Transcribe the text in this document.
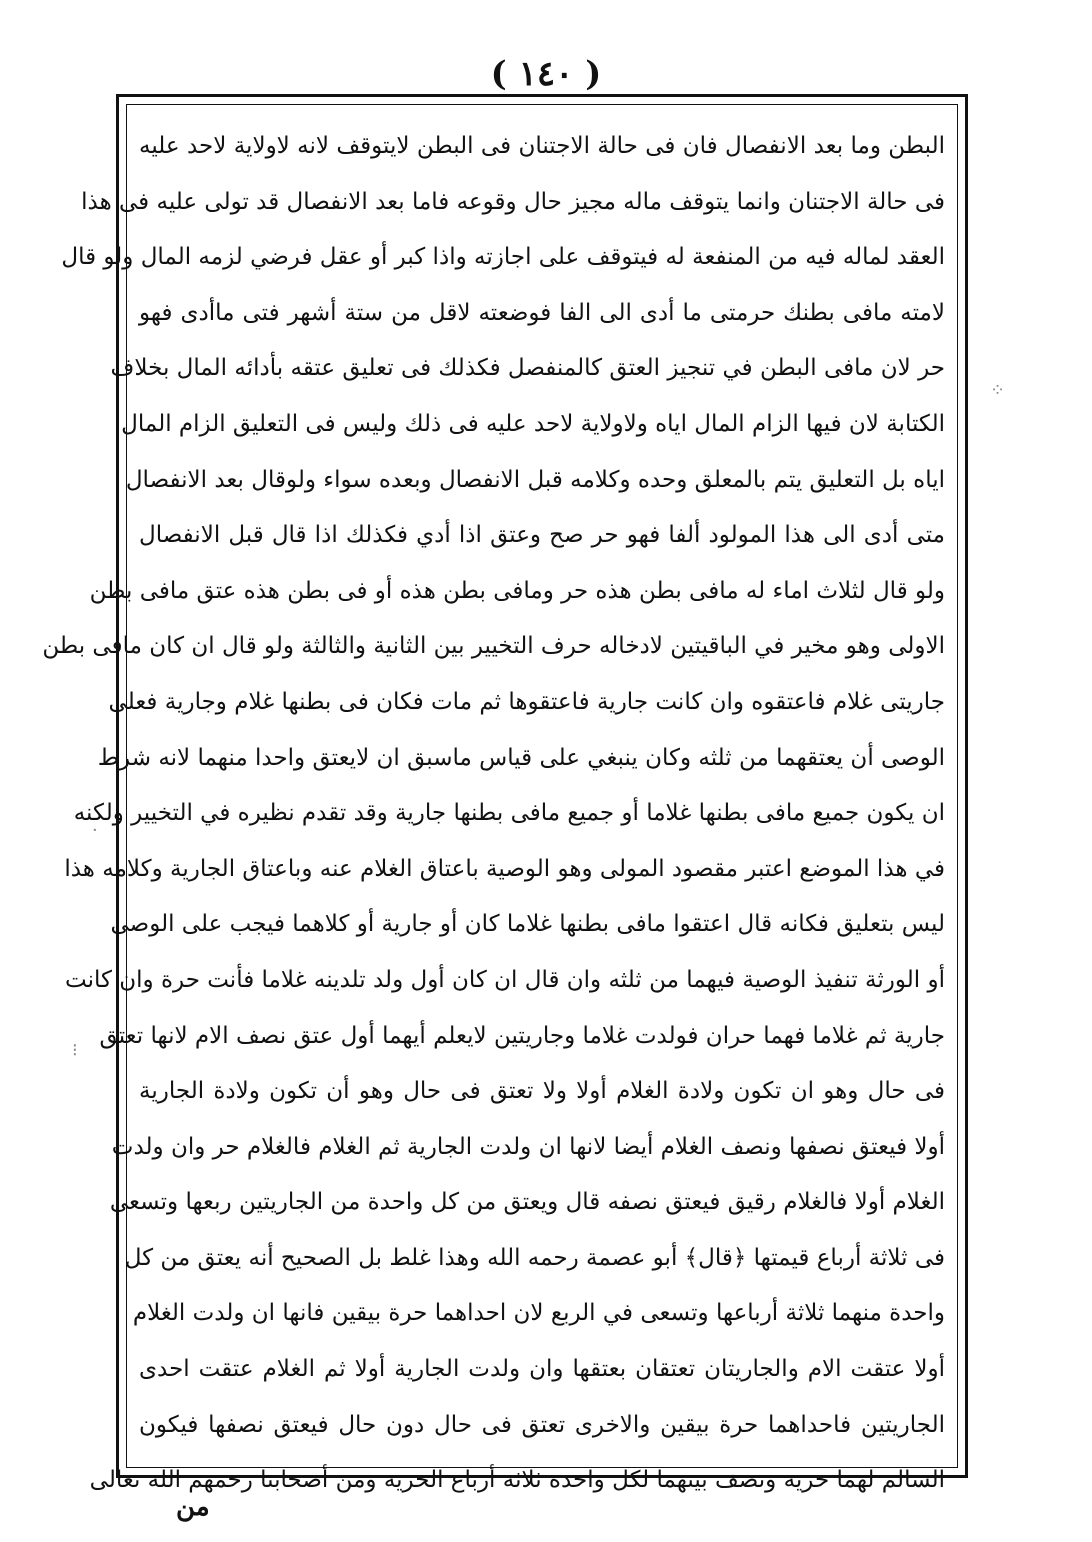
( ١٤٠ )

البطن وما بعد الانفصال فان فى حالة الاجتنان فى البطن لايتوقف لانه لاولاية لاحد عليه

فى حالة الاجتنان وانما يتوقف ماله مجيز حال وقوعه فاما بعد الانفصال قد تولى عليه فى هذا

العقد لماله فيه من المنفعة له فيتوقف على اجازته واذا كبر أو عقل فرضي لزمه المال ولو قال

لامته مافى بطنك حرمتى ما أدى الى الفا فوضعته لاقل من ستة أشهر فتى ماأدى فهو

حر لان مافى البطن في تنجيز العتق كالمنفصل فكذلك فى تعليق عتقه بأدائه المال بخلاف

الكتابة لان فيها الزام المال اياه ولاولاية لاحد عليه فى ذلك وليس فى التعليق الزام المال

اياه بل التعليق يتم بالمعلق وحده وكلامه قبل الانفصال وبعده سواء ولوقال بعد الانفصال

متى أدى الى هذا المولود ألفا فهو حر صح وعتق اذا أدي فكذلك اذا قال قبل الانفصال

ولو قال لثلاث اماء له مافى بطن هذه حر ومافى بطن هذه أو فى بطن هذه عتق مافى بطن

الاولى وهو مخير في الباقيتين لادخاله حرف التخيير بين الثانية والثالثة ولو قال ان كان مافى بطن

جاريتى غلام فاعتقوه وان كانت جارية فاعتقوها ثم مات فكان فى بطنها غلام وجارية فعلى

الوصى أن يعتقهما من ثلثه وكان ينبغي على قياس ماسبق ان لايعتق واحدا منهما لانه شرط

ان يكون جميع مافى بطنها غلاما أو جميع مافى بطنها جارية وقد تقدم نظيره في التخيير ولكنه

في هذا الموضع اعتبر مقصود المولى وهو الوصية باعتاق الغلام عنه وباعتاق الجارية وكلامه هذا

ليس بتعليق فكانه قال اعتقوا مافى بطنها غلاما كان أو جارية أو كلاهما فيجب على الوصى

أو الورثة تنفيذ الوصية فيهما من ثلثه وان قال ان كان أول ولد تلدينه غلاما فأنت حرة وان كانت

جارية ثم غلاما فهما حران فولدت غلاما وجاريتين لايعلم أيهما أول عتق نصف الام لانها تعتق

فى حال وهو ان تكون ولادة الغلام أولا ولا تعتق فى حال وهو أن تكون ولادة الجارية

أولا فيعتق نصفها ونصف الغلام أيضا لانها ان ولدت الجارية ثم الغلام فالغلام حر وان ولدت

الغلام أولا فالغلام رقيق فيعتق نصفه قال ويعتق من كل واحدة من الجاريتين ربعها وتسعى

فى ثلاثة أرباع قيمتها ﴿قال﴾ أبو عصمة رحمه الله وهذا غلط بل الصحيح أنه يعتق من كل

واحدة منهما ثلاثة أرباعها وتسعى في الربع لان احداهما حرة بيقين فانها ان ولدت الغلام

أولا عتقت الام والجاريتان تعتقان بعتقها وان ولدت الجارية أولا ثم الغلام عتقت احدى

الجاريتين فاحداهما حرة بيقين والاخرى تعتق فى حال دون حال فيعتق نصفها فيكون

السالم لهما حرية ونصف بينهما لكل واحدة ثلاثة أرباع الحرية ومن أصحابنا رحمهم الله تعالى

من
⁘
·
⁝
